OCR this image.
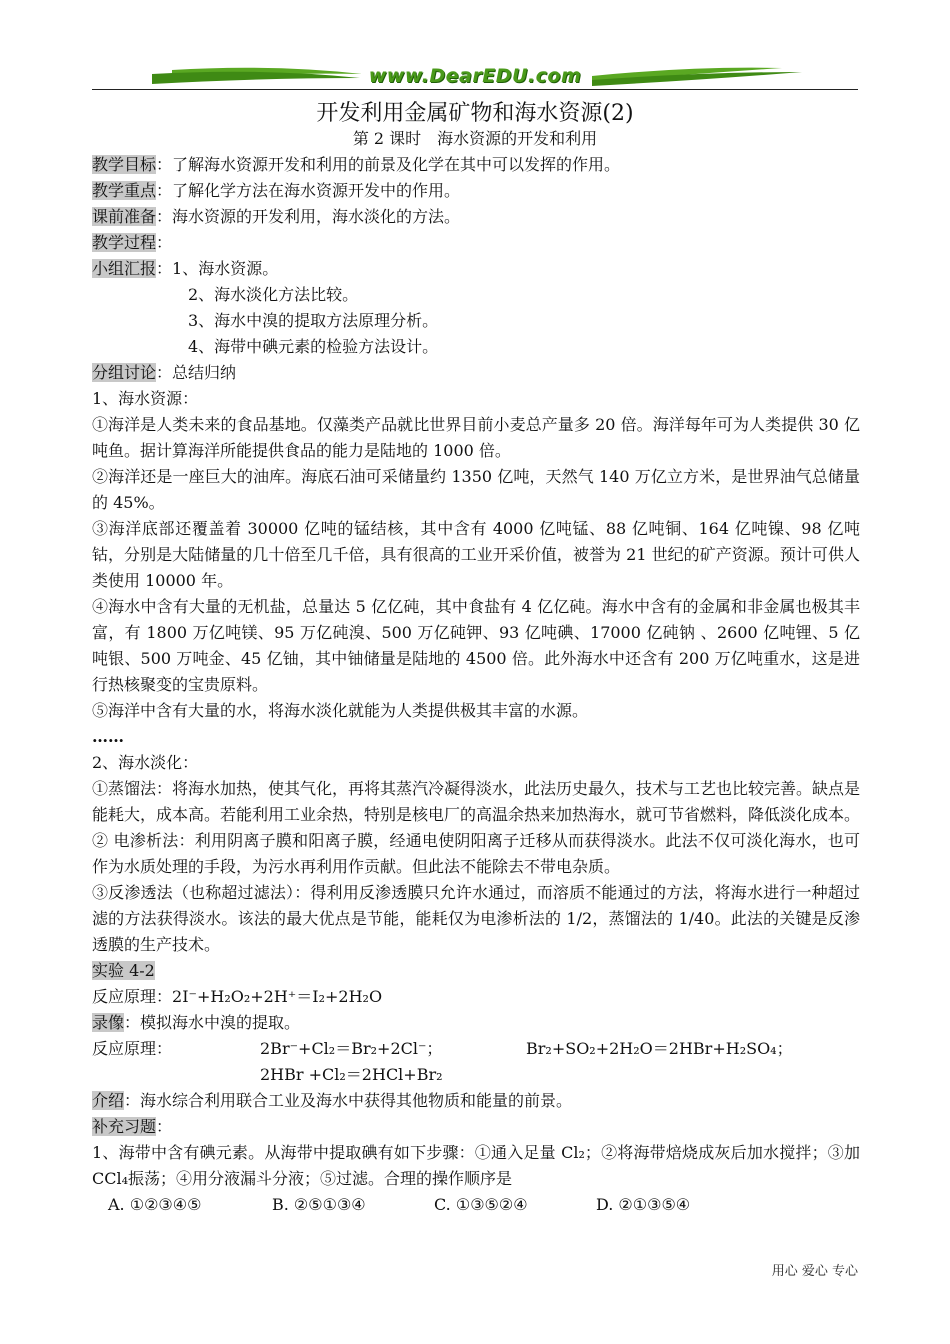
www.DearEDU.com
开发利用金属矿物和海水资源(2)
第 2 课时　海水资源的开发和利用

教学目标：了解海水资源开发和利用的前景及化学在其中可以发挥的作用。

教学重点：了解化学方法在海水资源开发中的作用。

课前准备：海水资源的开发利用，海水淡化的方法。

教学过程：

小组汇报：1、海水资源。

2、海水淡化方法比较。

3、海水中溴的提取方法原理分析。

4、海带中碘元素的检验方法设计。

分组讨论：总结归纳

1、海水资源：

①海洋是人类未来的食品基地。仅藻类产品就比世界目前小麦总产量多 20 倍。海洋每年可为人类提供 30 亿吨鱼。据计算海洋所能提供食品的能力是陆地的 1000 倍。

②海洋还是一座巨大的油库。海底石油可采储量约 1350 亿吨，天然气 140 万亿立方米，是世界油气总储量的 45%。

③海洋底部还覆盖着 30000 亿吨的锰结核，其中含有 4000 亿吨锰、88 亿吨铜、164 亿吨镍、98 亿吨钴，分别是大陆储量的几十倍至几千倍，具有很高的工业开采价值，被誉为 21 世纪的矿产资源。预计可供人类使用 10000 年。

④海水中含有大量的无机盐，总量达 5 亿亿砘，其中食盐有 4 亿亿砘。海水中含有的金属和非金属也极其丰富，有 1800 万亿吨镁、95 万亿砘溴、500 万亿砘钾、93 亿吨碘、17000 亿砘钠 、2600 亿吨锂、5 亿吨银、500 万吨金、45 亿铀，其中铀储量是陆地的 4500 倍。此外海水中还含有 200 万亿吨重水，这是进行热核聚变的宝贵原料。

⑤海洋中含有大量的水，将海水淡化就能为人类提供极其丰富的水源。

……

2、海水淡化：

①蒸馏法：将海水加热，使其气化，再将其蒸汽冷凝得淡水，此法历史最久，技术与工艺也比较完善。缺点是能耗大，成本高。若能利用工业余热，特别是核电厂的高温余热来加热海水，就可节省燃料，降低淡化成本。

② 电渗析法：利用阴离子膜和阳离子膜，经通电使阴阳离子迁移从而获得淡水。此法不仅可淡化海水，也可作为水质处理的手段，为污水再利用作贡献。但此法不能除去不带电杂质。

③反渗透法（也称超过滤法）：得利用反渗透膜只允许水通过，而溶质不能通过的方法，将海水进行一种超过滤的方法获得淡水。该法的最大优点是节能，能耗仅为电渗析法的 1/2，蒸馏法的 1/40。此法的关键是反渗透膜的生产技术。

实验 4-2

反应原理：2I⁻+H₂O₂+2H⁺＝I₂+2H₂O

录像：模拟海水中溴的提取。

反应原理：	2Br⁻+Cl₂＝Br₂+2Cl⁻；	Br₂+SO₂+2H₂O＝2HBr+H₂SO₄；
2HBr +Cl₂＝2HCl+Br₂

介绍：海水综合利用联合工业及海水中获得其他物质和能量的前景。

补充习题：

1、海带中含有碘元素。从海带中提取碘有如下步骤：①通入足量 Cl₂；②将海带焙烧成灰后加水搅拌；③加 CCl₄振荡；④用分液漏斗分液；⑤过滤。合理的操作顺序是

A. ①②③④⑤	B. ②⑤①③④	C. ①③⑤②④	D. ②①③⑤④
用心 爱心 专心
